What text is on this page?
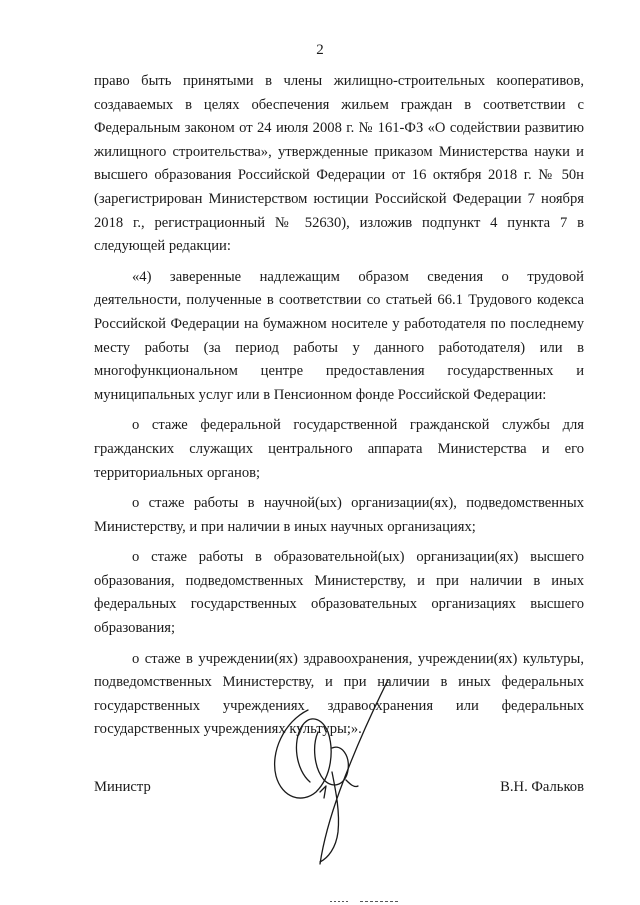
2

право быть принятыми в члены жилищно-строительных кооперативов, создаваемых в целях обеспечения жильем граждан в соответствии с Федеральным законом от 24 июля 2008 г. № 161-ФЗ «О содействии развитию жилищного строительства», утвержденные приказом Министерства науки и высшего образования Российской Федерации от 16 октября 2018 г. № 50н (зарегистрирован Министерством юстиции Российской Федерации 7 ноября 2018 г., регистрационный № 52630), изложив подпункт 4 пункта 7 в следующей редакции:

«4) заверенные надлежащим образом сведения о трудовой деятельности, полученные в соответствии со статьей 66.1 Трудового кодекса Российской Федерации на бумажном носителе у работодателя по последнему месту работы (за период работы у данного работодателя) или в многофункциональном центре предоставления государственных и муниципальных услуг или в Пенсионном фонде Российской Федерации:

о стаже федеральной государственной гражданской службы для гражданских служащих центрального аппарата Министерства и его территориальных органов;

о стаже работы в научной(ых) организации(ях), подведомственных Министерству, и при наличии в иных научных организациях;

о стаже работы в образовательной(ых) организации(ях) высшего образования, подведомственных Министерству, и при наличии в иных федеральных государственных образовательных организациях высшего образования;

о стаже в учреждении(ях) здравоохранения, учреждении(ях) культуры, подведомственных Министерству, и при наличии в иных федеральных государственных учреждениях здравоохранения или федеральных государственных учреждениях культуры;».

Министр	В.Н. Фальков
